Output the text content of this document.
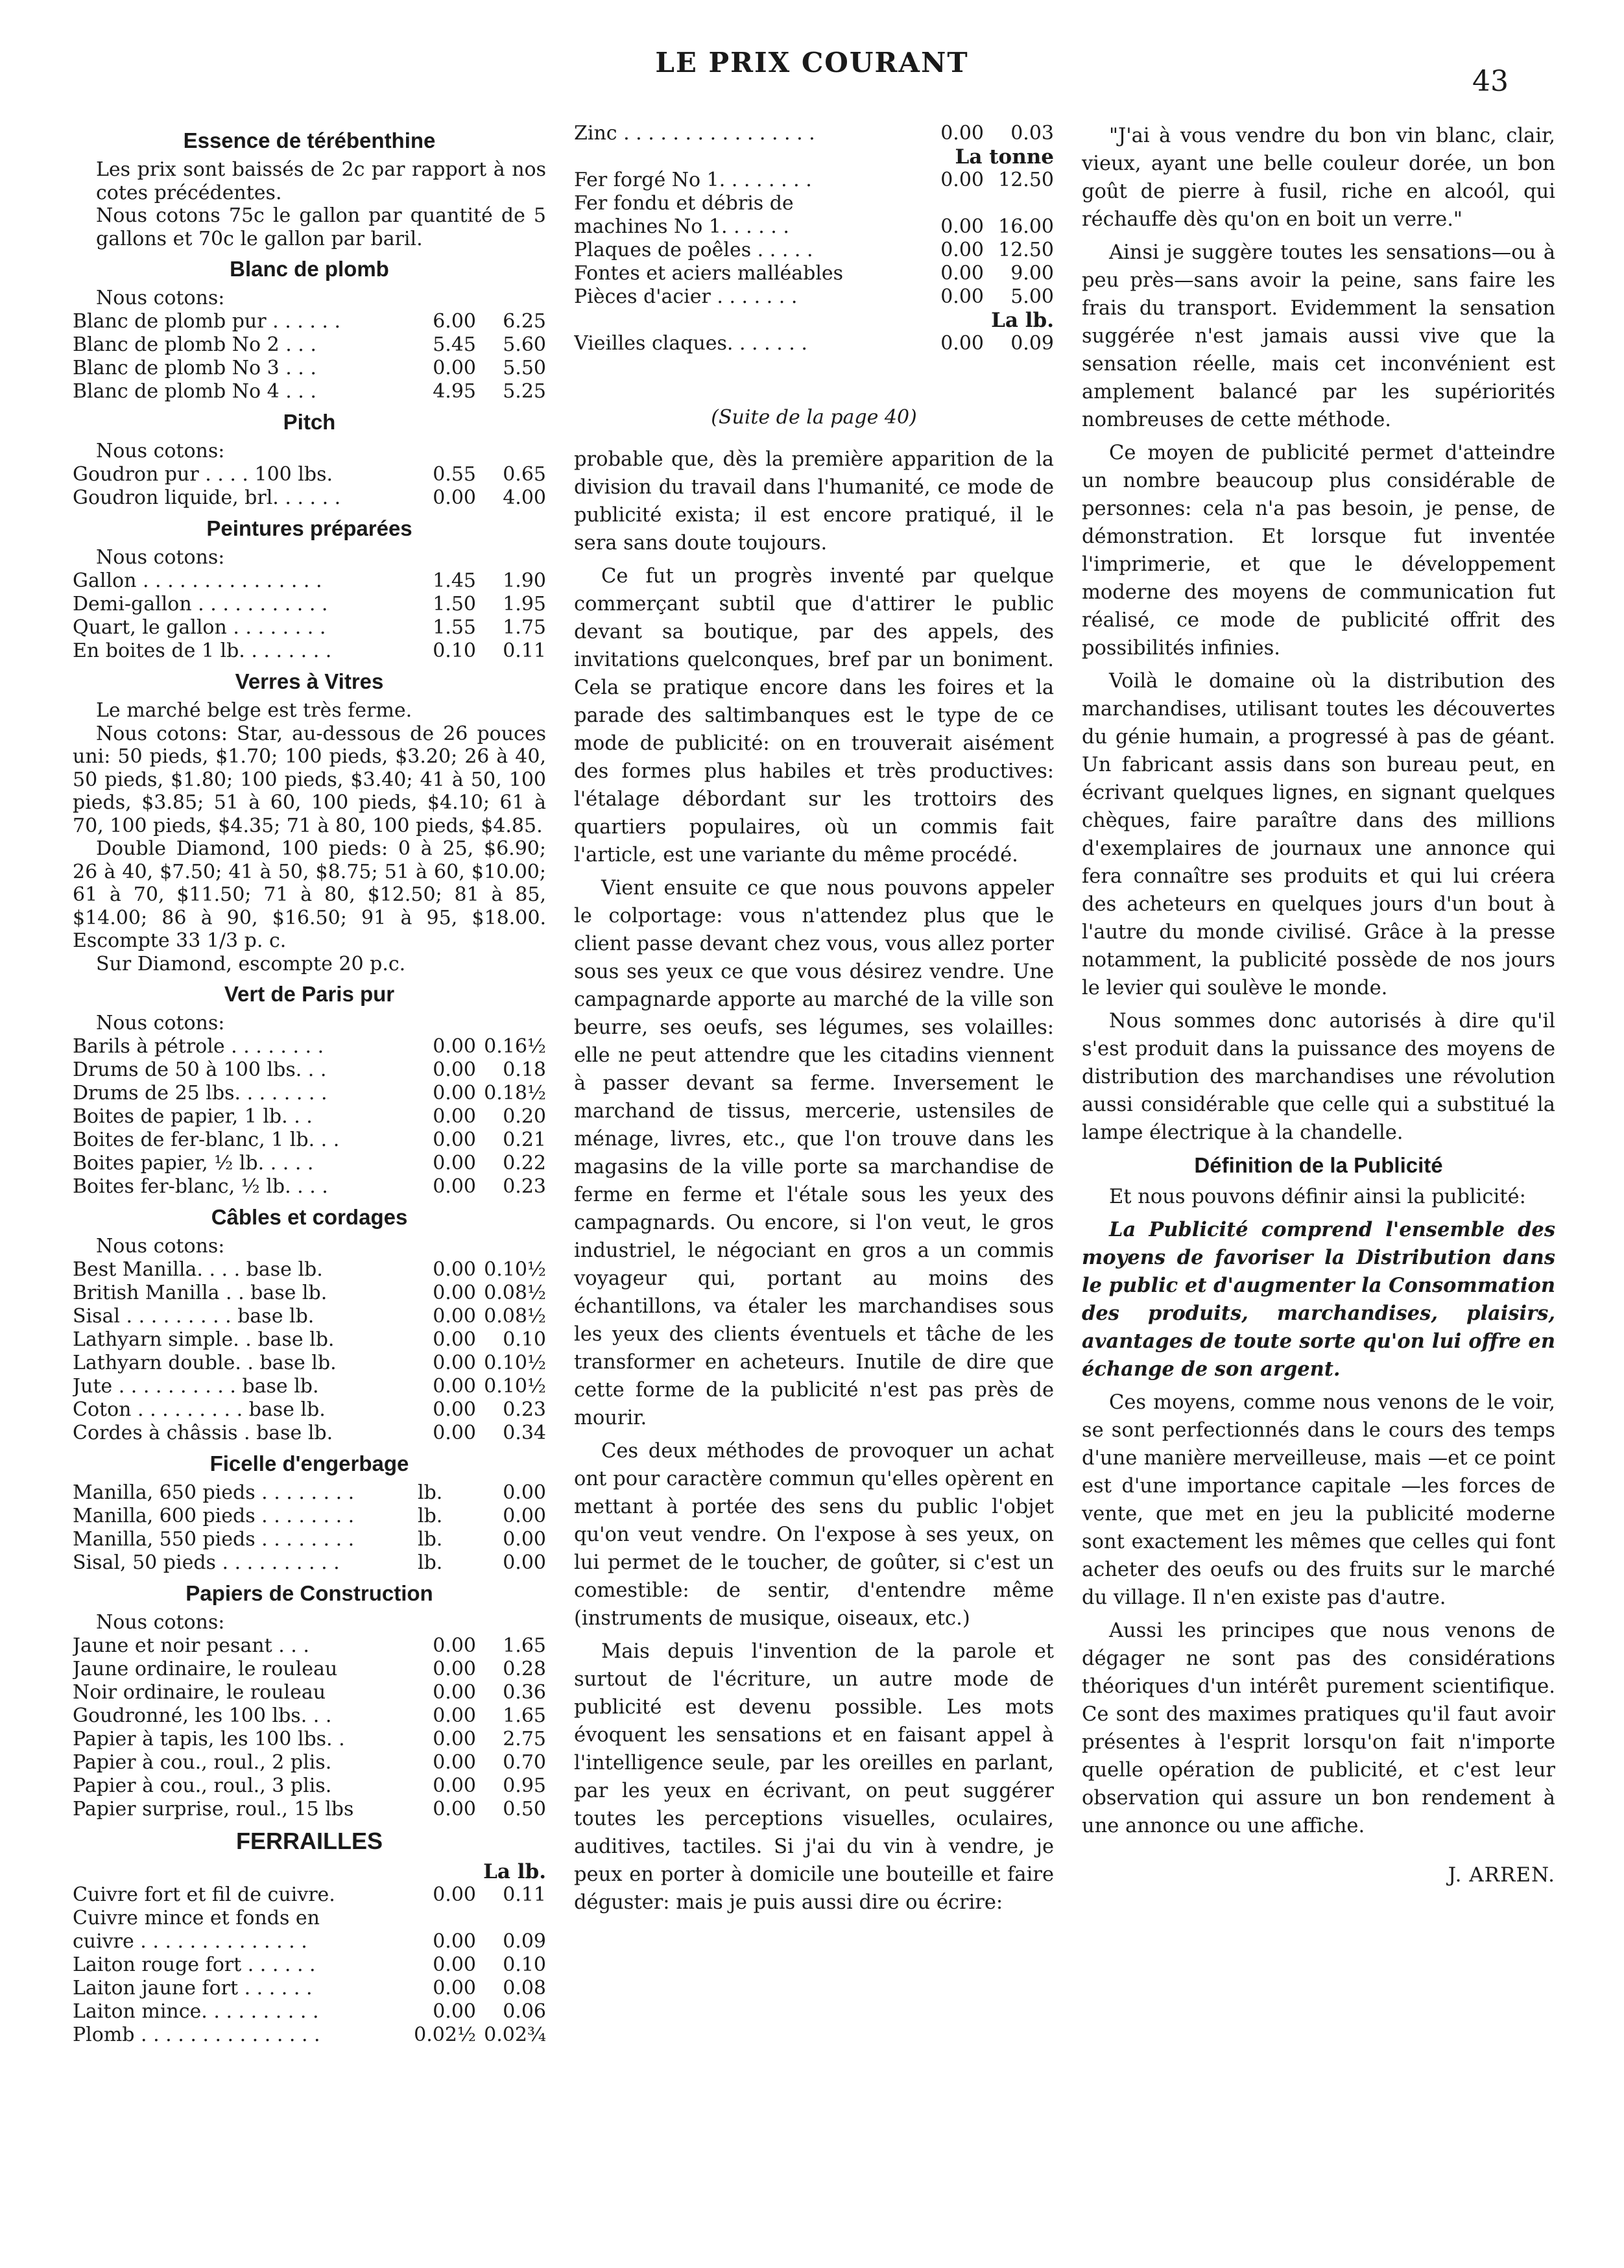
LE PRIX COURANT
43
Essence de térébenthine

Les prix sont baissés de 2c par rapport à nos cotes précédentes.

Nous cotons 75c le gallon par quantité de 5 gallons et 70c le gallon par baril.

Blanc de plomb
Nous cotons:
Blanc de plomb pur . . . . . .	6.00	6.25
Blanc de plomb No 2 . . .	5.45	5.60
Blanc de plomb No 3 . . .	0.00	5.50
Blanc de plomb No 4 . . .	4.95	5.25
Pitch
Nous cotons:
Goudron pur . . . . 100 lbs.	0.55	0.65
Goudron liquide, brl. . . . . .	0.00	4.00
Peintures préparées
Nous cotons:
Gallon . . . . . . . . . . . . . . .	1.45	1.90
Demi-gallon . . . . . . . . . . .	1.50	1.95
Quart, le gallon . . . . . . . .	1.55	1.75
En boites de 1 lb. . . . . . . .	0.10	0.11
Verres à Vitres

Le marché belge est très ferme.

Nous cotons: Star, au-dessous de 26 pouces uni: 50 pieds, $1.70; 100 pieds, $3.20; 26 à 40, 50 pieds, $1.80; 100 pieds, $3.40; 41 à 50, 100 pieds, $3.85; 51 à 60, 100 pieds, $4.10; 61 à 70, 100 pieds, $4.35; 71 à 80, 100 pieds, $4.85.

Double Diamond, 100 pieds: 0 à 25, $6.90; 26 à 40, $7.50; 41 à 50, $8.75; 51 à 60, $10.00; 61 à 70, $11.50; 71 à 80, $12.50; 81 à 85, $14.00; 86 à 90, $16.50; 91 à 95, $18.00. Escompte 33 1/3 p. c.

Sur Diamond, escompte 20 p.c.

Vert de Paris pur
Nous cotons:
Barils à pétrole . . . . . . . .	0.00 0.16½
Drums de 50 à 100 lbs. . .	0.00	0.18
Drums de 25 lbs. . . . . . . .	0.00 0.18½
Boites de papier, 1 lb. . .	0.00	0.20
Boites de fer-blanc, 1 lb. . .	0.00	0.21
Boites papier, ½ lb. . . . .	0.00	0.22
Boites fer-blanc, ½ lb. . . .	0.00	0.23
Câbles et cordages
Nous cotons:
Best Manilla. . . . base lb.	0.00 0.10½
British Manilla . . base lb.	0.00 0.08½
Sisal . . . . . . . . . base lb.	0.00 0.08½
Lathyarn simple. . base lb.	0.00	0.10
Lathyarn double. . base lb.	0.00 0.10½
Jute . . . . . . . . . . base lb.	0.00 0.10½
Coton . . . . . . . . . base lb.	0.00	0.23
Cordes à châssis . base lb.	0.00	0.34
Ficelle d'engerbage
Manilla, 650 pieds . . . . . . . .	lb.	0.00
Manilla, 600 pieds . . . . . . . .	lb.	0.00
Manilla, 550 pieds . . . . . . . .	lb.	0.00
Sisal, 50 pieds . . . . . . . . . .	lb.	0.00
Papiers de Construction
Nous cotons:
Jaune et noir pesant . . .	0.00	1.65
Jaune ordinaire, le rouleau	0.00	0.28
Noir ordinaire, le rouleau	0.00	0.36
Goudronné, les 100 lbs. . .	0.00	1.65
Papier à tapis, les 100 lbs. .	0.00	2.75
Papier à cou., roul., 2 plis.	0.00	0.70
Papier à cou., roul., 3 plis.	0.00	0.95
Papier surprise, roul., 15 lbs	0.00	0.50
FERRAILLES
La lb.
Cuivre fort et fil de cuivre.	0.00	0.11
Cuivre mince et fonds en
cuivre . . . . . . . . . . . . . .	0.00	0.09
Laiton rouge fort . . . . . .	0.00	0.10
Laiton jaune fort . . . . . .	0.00	0.08
Laiton mince. . . . . . . . . .	0.00	0.06
Plomb . . . . . . . . . . . . . . .	0.02½ 0.02¾
Zinc . . . . . . . . . . . . . . . .	0.00	0.03
La tonne
Fer forgé No 1. . . . . . . .	0.00 12.50
Fer fondu et débris de
machines No 1. . . . . .	0.00 16.00
Plaques de poêles . . . . .	0.00 12.50
Fontes et aciers malléables	0.00	9.00
Pièces d'acier . . . . . . .	0.00	5.00
La lb.
Vieilles claques. . . . . . .	0.00	0.09
(Suite de la page 40)

probable que, dès la première apparition de la division du travail dans l'humanité, ce mode de publicité exista; il est encore pratiqué, il le sera sans doute toujours.

Ce fut un progrès inventé par quelque commerçant subtil que d'attirer le public devant sa boutique, par des appels, des invitations quelconques, bref par un boniment. Cela se pratique encore dans les foires et la parade des saltimbanques est le type de ce mode de publicité: on en trouverait aisément des formes plus habiles et très productives: l'étalage débordant sur les trottoirs des quartiers populaires, où un commis fait l'article, est une variante du même procédé.

Vient ensuite ce que nous pouvons appeler le colportage: vous n'attendez plus que le client passe devant chez vous, vous allez porter sous ses yeux ce que vous désirez vendre. Une campagnarde apporte au marché de la ville son beurre, ses oeufs, ses légumes, ses volailles: elle ne peut attendre que les citadins viennent à passer devant sa ferme. Inversement le marchand de tissus, mercerie, ustensiles de ménage, livres, etc., que l'on trouve dans les magasins de la ville porte sa marchandise de ferme en ferme et l'étale sous les yeux des campagnards. Ou encore, si l'on veut, le gros industriel, le négociant en gros a un commis voyageur qui, portant au moins des échantillons, va étaler les marchandises sous les yeux des clients éventuels et tâche de les transformer en acheteurs. Inutile de dire que cette forme de la publicité n'est pas près de mourir.

Ces deux méthodes de provoquer un achat ont pour caractère commun qu'elles opèrent en mettant à portée des sens du public l'objet qu'on veut vendre. On l'expose à ses yeux, on lui permet de le toucher, de goûter, si c'est un comestible: de sentir, d'entendre même (instruments de musique, oiseaux, etc.)

Mais depuis l'invention de la parole et surtout de l'écriture, un autre mode de publicité est devenu possible. Les mots évoquent les sensations et en faisant appel à l'intelligence seule, par les oreilles en parlant, par les yeux en écrivant, on peut suggérer toutes les perceptions visuelles, oculaires, auditives, tactiles. Si j'ai du vin à vendre, je peux en porter à domicile une bouteille et faire déguster: mais je puis aussi dire ou écrire:

"J'ai à vous vendre du bon vin blanc, clair, vieux, ayant une belle couleur dorée, un bon goût de pierre à fusil, riche en alcoól, qui réchauffe dès qu'on en boit un verre."

Ainsi je suggère toutes les sensations—ou à peu près—sans avoir la peine, sans faire les frais du transport. Evidemment la sensation suggérée n'est jamais aussi vive que la sensation réelle, mais cet inconvénient est amplement balancé par les supériorités nombreuses de cette méthode.

Ce moyen de publicité permet d'atteindre un nombre beaucoup plus considérable de personnes: cela n'a pas besoin, je pense, de démonstration. Et lorsque fut inventée l'imprimerie, et que le développement moderne des moyens de communication fut réalisé, ce mode de publicité offrit des possibilités infinies.

Voilà le domaine où la distribution des marchandises, utilisant toutes les découvertes du génie humain, a progressé à pas de géant. Un fabricant assis dans son bureau peut, en écrivant quelques lignes, en signant quelques chèques, faire paraître dans des millions d'exemplaires de journaux une annonce qui fera connaître ses produits et qui lui créera des acheteurs en quelques jours d'un bout à l'autre du monde civilisé. Grâce à la presse notamment, la publicité possède de nos jours le levier qui soulève le monde.

Nous sommes donc autorisés à dire qu'il s'est produit dans la puissance des moyens de distribution des marchandises une révolution aussi considérable que celle qui a substitué la lampe électrique à la chandelle.

Définition de la Publicité

Et nous pouvons définir ainsi la publicité:

La Publicité comprend l'ensemble des moyens de favoriser la Distribution dans le public et d'augmenter la Consommation des produits, marchandises, plaisirs, avantages de toute sorte qu'on lui offre en échange de son argent.

Ces moyens, comme nous venons de le voir, se sont perfectionnés dans le cours des temps d'une manière merveilleuse, mais —et ce point est d'une importance capitale —les forces de vente, que met en jeu la publicité moderne sont exactement les mêmes que celles qui font acheter des oeufs ou des fruits sur le marché du village. Il n'en existe pas d'autre.

Aussi les principes que nous venons de dégager ne sont pas des considérations théoriques d'un intérêt purement scientifique. Ce sont des maximes pratiques qu'il faut avoir présentes à l'esprit lorsqu'on fait n'importe quelle opération de publicité, et c'est leur observation qui assure un bon rendement à une annonce ou une affiche.

J. ARREN.
